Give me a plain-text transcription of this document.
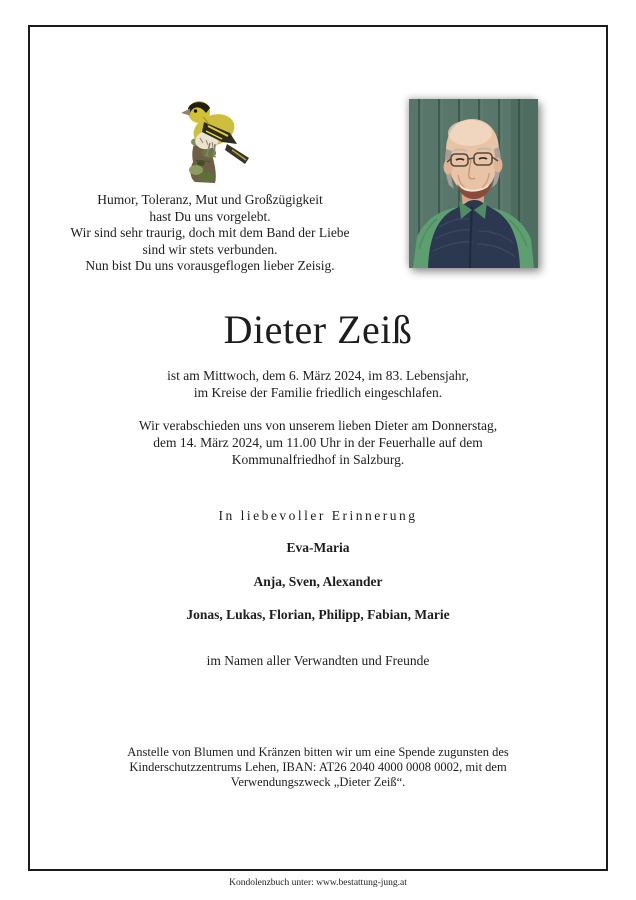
Humor, Toleranz, Mut und Großzügigkeit
hast Du uns vorgelebt.
Wir sind sehr traurig, doch mit dem Band der Liebe
sind wir stets verbunden.
Nun bist Du uns vorausgeflogen lieber Zeisig.
Dieter Zeiß
ist am Mittwoch, dem 6. März 2024, im 83. Lebensjahr,
im Kreise der Familie friedlich eingeschlafen.
Wir verabschieden uns von unserem lieben Dieter am Donnerstag,
dem 14. März 2024, um 11.00 Uhr in der Feuerhalle auf dem
Kommunalfriedhof in Salzburg.
In liebevoller Erinnerung
Eva-Maria
Anja, Sven, Alexander
Jonas, Lukas, Florian, Philipp, Fabian, Marie
im Namen aller Verwandten und Freunde
Anstelle von Blumen und Kränzen bitten wir um eine Spende zugunsten des
Kinderschutzzentrums Lehen, IBAN: AT26 2040 4000 0008 0002, mit dem
Verwendungszweck „Dieter Zeiß“.
Kondolenzbuch unter: www.bestattung-jung.at
